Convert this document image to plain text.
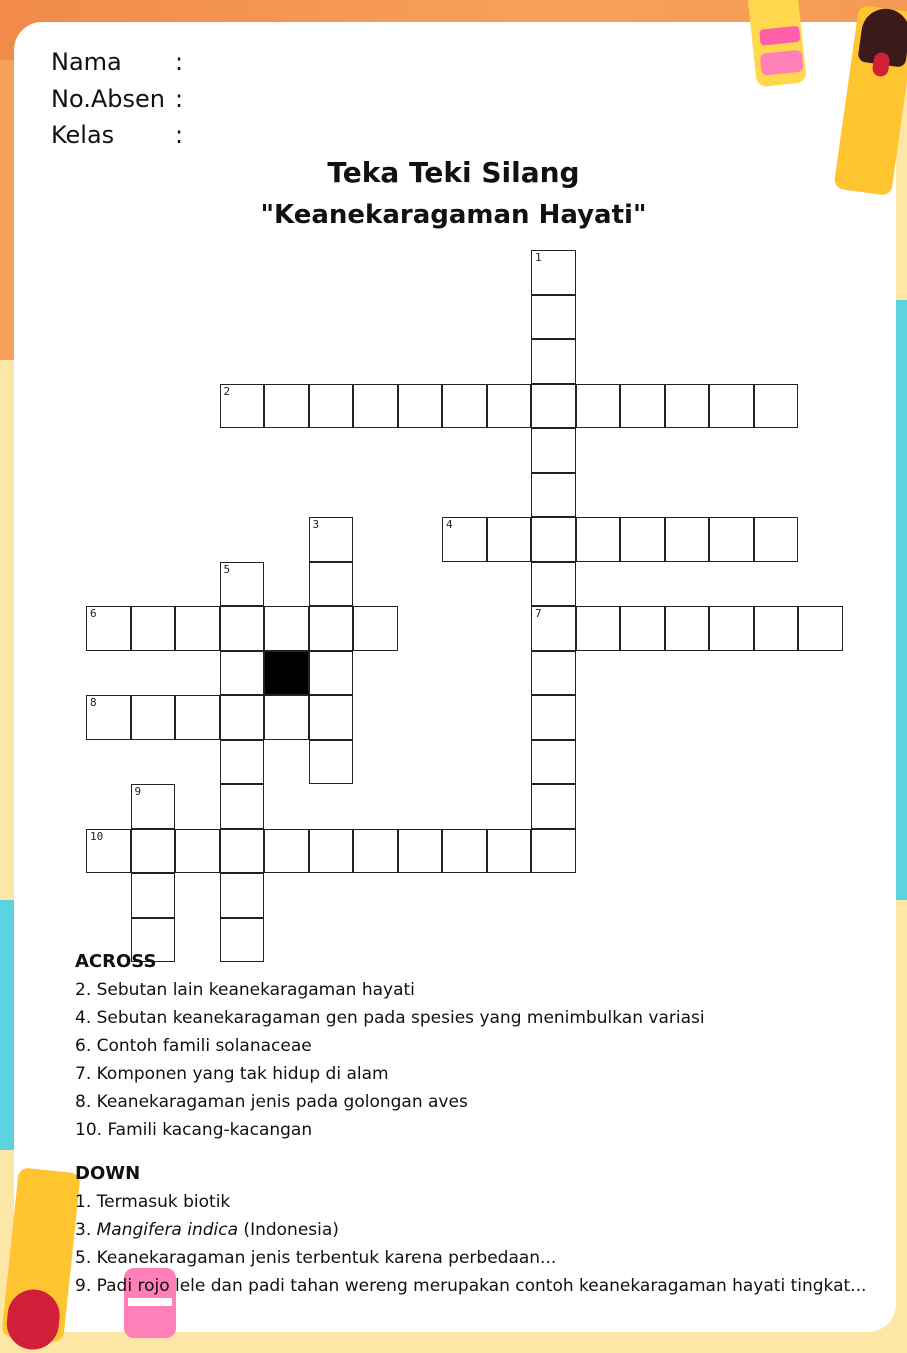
Nama :
No.Absen :
Kelas	:
Teka Teki Silang
"Keanekaragaman Hayati"
1
7
2
3	4
5
6
8
9
10
ACROSS
2. Sebutan lain keanekaragaman hayati
4. Sebutan keanekaragaman gen pada spesies yang menimbulkan variasi
6. Contoh famili solanaceae
7. Komponen yang tak hidup di alam
8. Keanekaragaman jenis pada golongan aves
10. Famili kacang-kacangan
DOWN
1. Termasuk biotik
3. Mangifera indica (Indonesia)
5. Keanekaragaman jenis terbentuk karena perbedaan...
9. Padi rojo lele dan padi tahan wereng merupakan contoh keanekaragaman hayati tingkat...
